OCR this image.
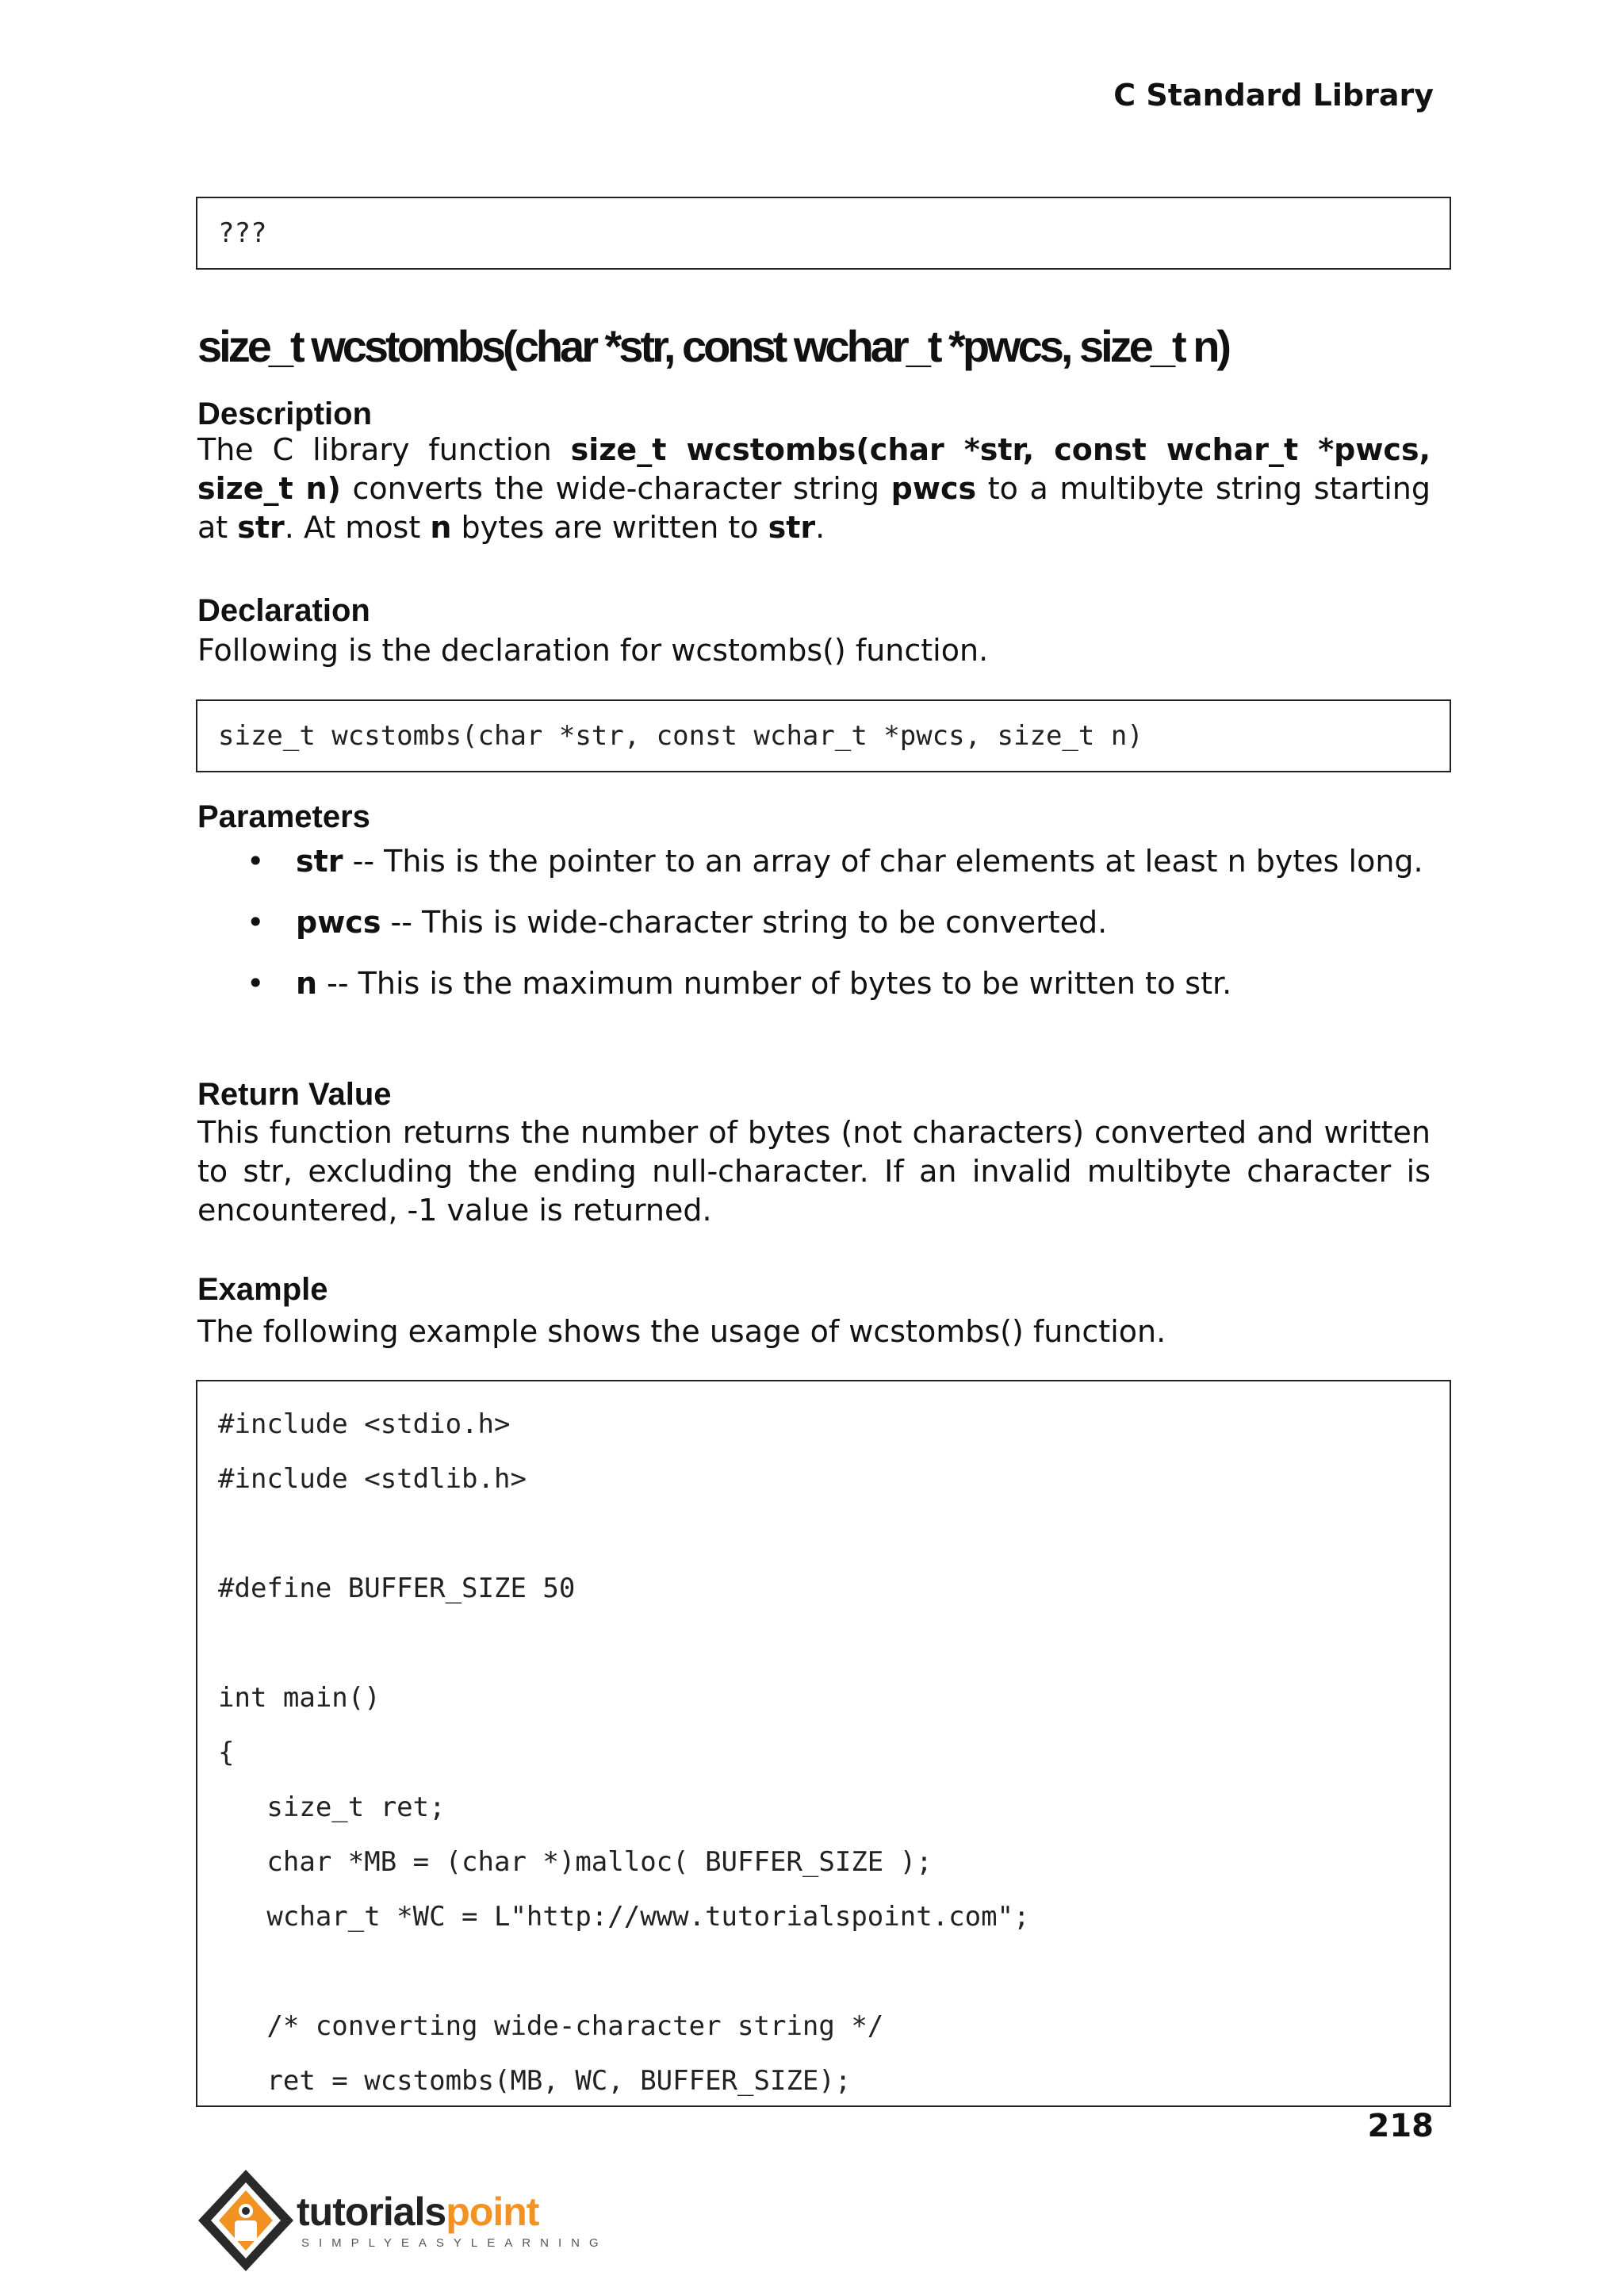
C Standard Library
???
size_t wcstombs(char *str, const wchar_t *pwcs, size_t n)
Description
The C library function size_t wcstombs(char *str, const wchar_t *pwcs, size_t n) converts the wide-character string pwcs to a multibyte string starting at str. At most n bytes are written to str.
Declaration
Following is the declaration for wcstombs() function.
size_t wcstombs(char *str, const wchar_t *pwcs, size_t n)
Parameters
• str -- This is the pointer to an array of char elements at least n bytes long.
• pwcs -- This is wide-character string to be converted.
• n -- This is the maximum number of bytes to be written to str.
Return Value
This function returns the number of bytes (not characters) converted and written to str, excluding the ending null-character. If an invalid multibyte character is encountered, -1 value is returned.
Example
The following example shows the usage of wcstombs() function.
#include <stdio.h>
#include <stdlib.h>
#define BUFFER_SIZE 50
int main()
{
size_t ret;
char *MB = (char *)malloc( BUFFER_SIZE );
wchar_t *WC = L"http://www.tutorialspoint.com";
/* converting wide-character string */
ret = wcstombs(MB, WC, BUFFER_SIZE);
218
tutorialspoint
SIMPLYEASYLEARNING
